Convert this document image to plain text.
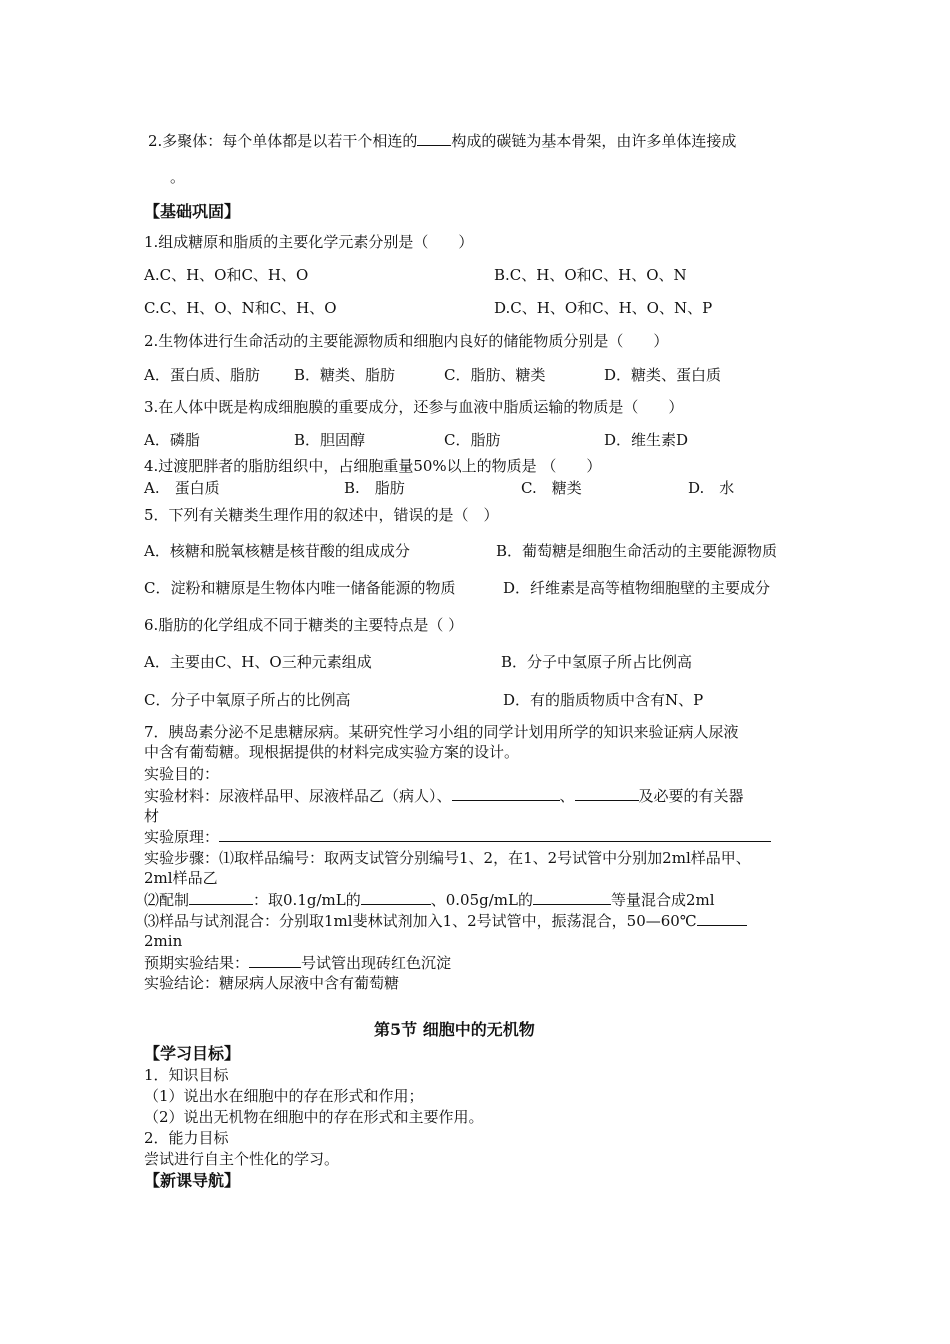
2.多聚体：每个单体都是以若干个相连的 构成的碳链为基本骨架，由许多单体连接成
。
【基础巩固】
1.组成糖原和脂质的主要化学元素分别是（　　）
A.C、H、O和C、H、O	B.C、H、O和C、H、O、N
C.C、H、O、N和C、H、O	D.C、H、O和C、H、O、N、P
2.生物体进行生命活动的主要能源物质和细胞内良好的储能物质分别是（　　）
A．蛋白质、脂肪 B．糖类、脂肪	C．脂肪、糖类	D．糖类、蛋白质
3.在人体中既是构成细胞膜的重要成分，还参与血液中脂质运输的物质是（　　）
A．磷脂	B．胆固醇	C．脂肪	D．维生素D
4.过渡肥胖者的脂肪组织中，占细胞重量50%以上的物质是 （　　）
A.　蛋白质	B.　脂肪	C.　糖类	D.　水
5．下列有关糖类生理作用的叙述中，错误的是（　）
A．核糖和脱氧核糖是核苷酸的组成成分	B．葡萄糖是细胞生命活动的主要能源物质
C．淀粉和糖原是生物体内唯一储备能源的物质	D．纤维素是高等植物细胞壁的主要成分
6.脂肪的化学组成不同于糖类的主要特点是（ ）
A．主要由C、H、O三种元素组成	B．分子中氢原子所占比例高
C．分子中氧原子所占的比例高	D．有的脂质物质中含有N、P
7．胰岛素分泌不足患糖尿病。某研究性学习小组的同学计划用所学的知识来验证病人尿液
中含有葡萄糖。现根据提供的材料完成实验方案的设计。
实验目的：
实验材料：尿液样品甲、尿液样品乙（病人）、	、	及必要的有关器
材
实验原理：
实验步骤：⑴取样品编号：取两支试管分别编号1、2，在1、2号试管中分别加2ml样品甲、
2ml样品乙
⑵配制	：取0.1g/mL的	、0.05g/mL的	等量混合成2ml
⑶样品与试剂混合：分别取1ml斐林试剂加入1、2号试管中，振荡混合，50—60℃
2min
预期实验结果：	号试管出现砖红色沉淀
实验结论：糖尿病人尿液中含有葡萄糖
第5节 细胞中的无机物
【学习目标】
1．知识目标
（1）说出水在细胞中的存在形式和作用；
（2）说出无机物在细胞中的存在形式和主要作用。
2．能力目标
尝试进行自主个性化的学习。
【新课导航】
